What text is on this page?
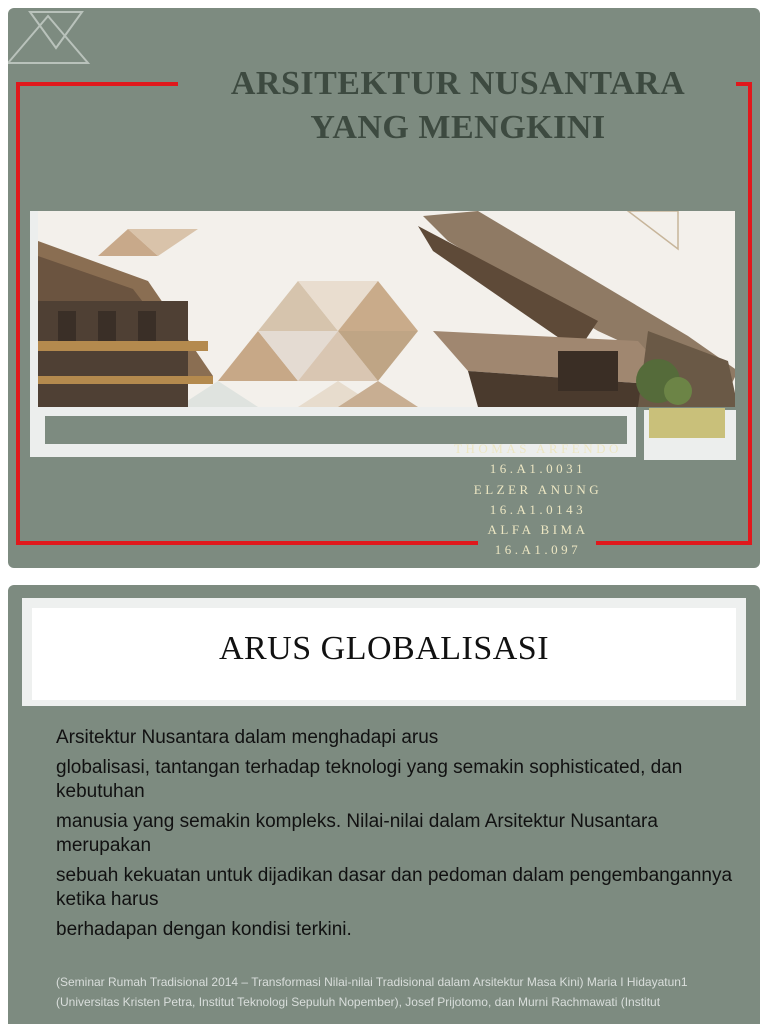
ARSITEKTUR NUSANTARA
YANG MENGKINI
THOMAS ARFENDO
16.A1.0031
ELZER ANUNG
16.A1.0143
ALFA BIMA
16.A1.097
ARUS GLOBALISASI

Arsitektur Nusantara dalam menghadapi arus

globalisasi, tantangan terhadap teknologi yang semakin sophisticated, dan kebutuhan

manusia yang semakin kompleks. Nilai-nilai dalam Arsitektur Nusantara merupakan

sebuah kekuatan untuk dijadikan dasar dan pedoman dalam pengembangannya ketika harus

berhadapan dengan kondisi terkini.

(Seminar Rumah Tradisional 2014 – Transformasi Nilai-nilai Tradisional dalam Arsitektur Masa Kini) Maria I Hidayatun1

(Universitas Kristen Petra, Institut Teknologi Sepuluh Nopember), Josef Prijotomo, dan Murni Rachmawati (Institut
